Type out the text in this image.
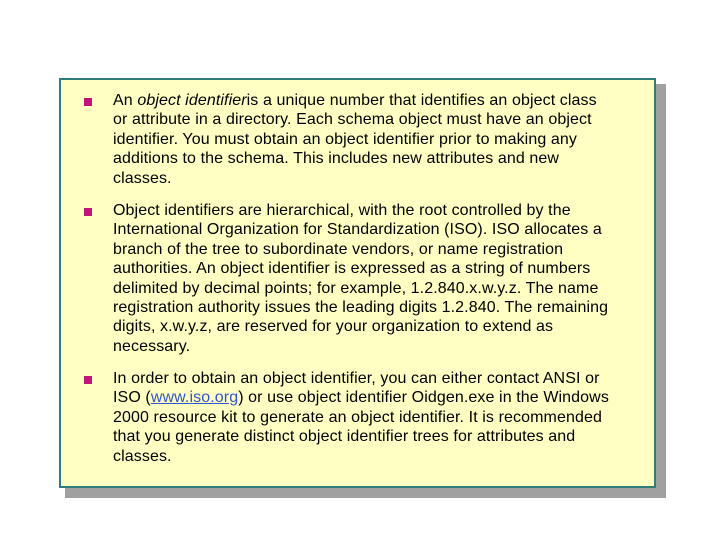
An object identifieris a unique number that identifies an object class
or attribute in a directory. Each schema object must have an object
identifier. You must obtain an object identifier prior to making any
additions to the schema. This includes new attributes and new
classes.
Object identifiers are hierarchical, with the root controlled by the
International Organization for Standardization (ISO). ISO allocates a
branch of the tree to subordinate vendors, or name registration
authorities. An object identifier is expressed as a string of numbers
delimited by decimal points; for example, 1.2.840.x.w.y.z. The name
registration authority issues the leading digits 1.2.840. The remaining
digits, x.w.y.z, are reserved for your organization to extend as
necessary.
In order to obtain an object identifier, you can either contact ANSI or
ISO (www.iso.org) or use object identifier Oidgen.exe in the Windows
2000 resource kit to generate an object identifier. It is recommended
that you generate distinct object identifier trees for attributes and
classes.
